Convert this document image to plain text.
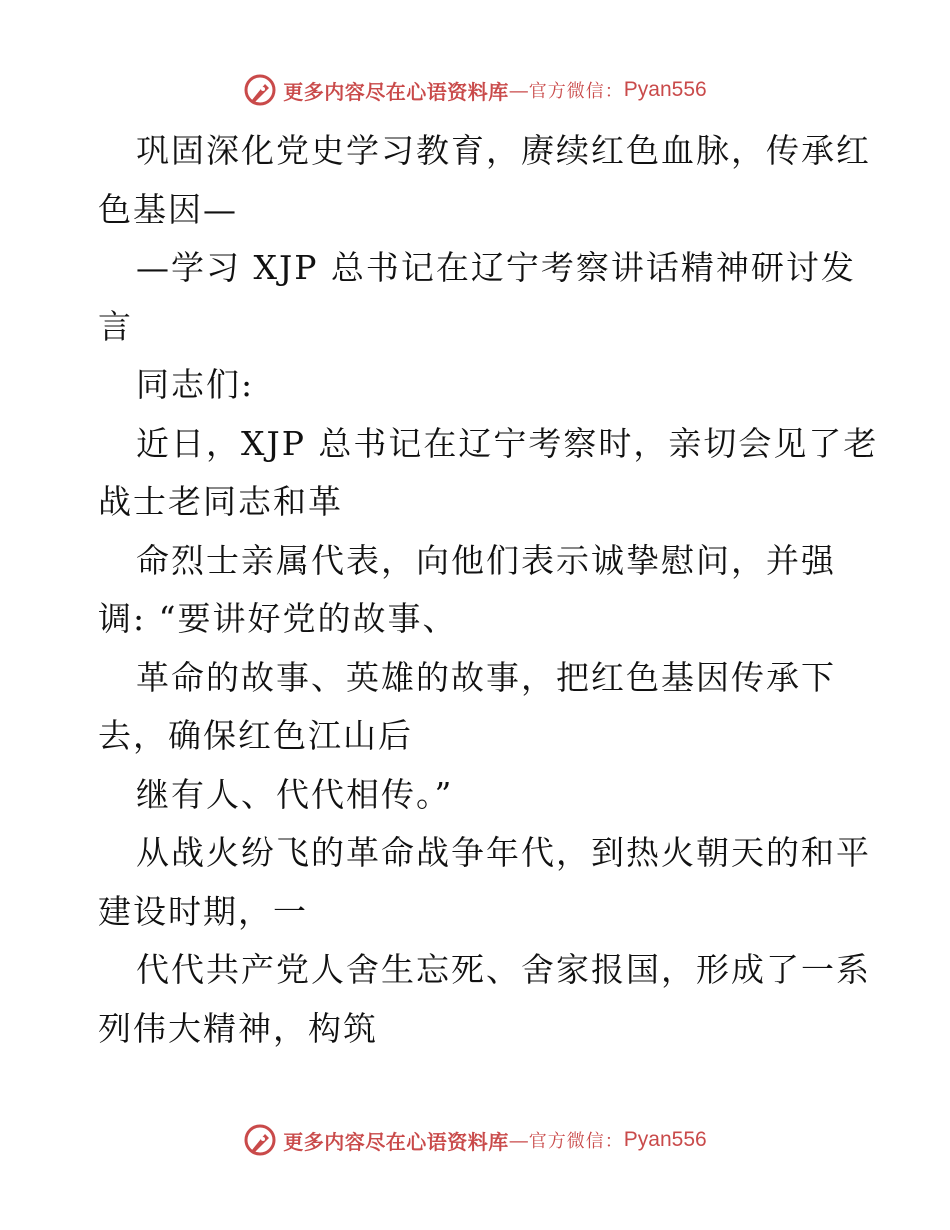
更多内容尽在心语资料库 — 官方微信： Pyan556
巩固深化党史学习教育，赓续红色血脉，传承红
色基因—
—学习 XJP 总书记在辽宁考察讲话精神研讨发
言
同志们:
近日，XJP 总书记在辽宁考察时，亲切会见了老
战士老同志和革
命烈士亲属代表，向他们表示诚挚慰问，并强
调: “要讲好党的故事、
革命的故事、英雄的故事，把红色基因传承下
去，确保红色江山后
继有人、代代相传。”
从战火纷飞的革命战争年代，到热火朝天的和平
建设时期，一
代代共产党人舍生忘死、舍家报国，形成了一系
列伟大精神，构筑
更多内容尽在心语资料库 — 官方微信： Pyan556
